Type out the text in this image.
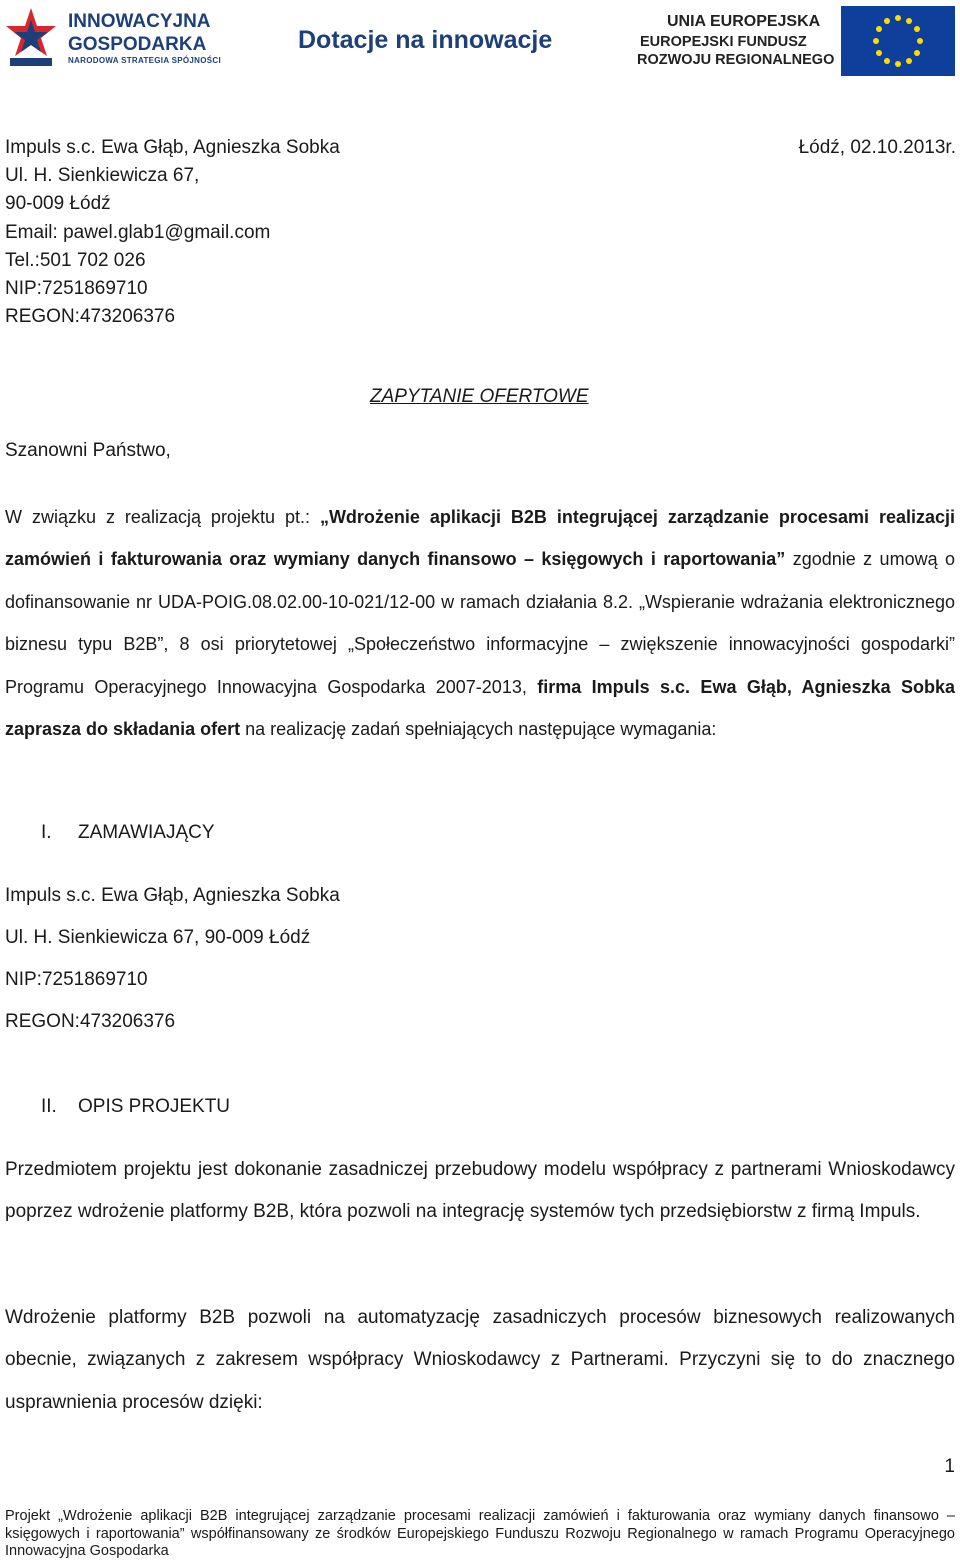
INNOWACYJNA
GOSPODARKA
NARODOWA STRATEGIA SPÓJNOŚCI
Dotacje na innowacje
UNIA EUROPEJSKA
EUROPEJSKI FUNDUSZ
ROZWOJU REGIONALNEGO
Impuls s.c. Ewa Głąb, Agnieszka Sobka
Ul. H. Sienkiewicza 67,
90-009 Łódź
Email: pawel.glab1@gmail.com
Tel.:501 702 026
NIP:7251869710
REGON:473206376
Łódź, 02.10.2013r.
ZAPYTANIE OFERTOWE
Szanowni Państwo,
W związku z realizacją projektu pt.: „Wdrożenie aplikacji B2B integrującej zarządzanie procesami realizacji zamówień i fakturowania oraz wymiany danych finansowo – księgowych i raportowania” zgodnie z umową o dofinansowanie nr UDA-POIG.08.02.00-10-021/12-00 w ramach działania 8.2. „Wspieranie wdrażania elektronicznego biznesu typu B2B”, 8 osi priorytetowej „Społeczeństwo informacyjne – zwiększenie innowacyjności gospodarki” Programu Operacyjnego Innowacyjna Gospodarka 2007-2013, firma Impuls s.c. Ewa Głąb, Agnieszka Sobka zaprasza do składania ofert na realizację zadań spełniających następujące wymagania:
I. ZAMAWIAJĄCY
Impuls s.c. Ewa Głąb, Agnieszka Sobka
Ul. H. Sienkiewicza 67, 90-009 Łódź
NIP:7251869710
REGON:473206376
II. OPIS PROJEKTU
Przedmiotem projektu jest dokonanie zasadniczej przebudowy modelu współpracy z partnerami Wnioskodawcy poprzez wdrożenie platformy B2B, która pozwoli na integrację systemów tych przedsiębiorstw z firmą Impuls.
Wdrożenie platformy B2B pozwoli na automatyzację zasadniczych procesów biznesowych realizowanych obecnie, związanych z zakresem współpracy Wnioskodawcy z Partnerami. Przyczyni się to do znacznego usprawnienia procesów dzięki:
1
Projekt „Wdrożenie aplikacji B2B integrującej zarządzanie procesami realizacji zamówień i fakturowania oraz wymiany danych finansowo – księgowych i raportowania” współfinansowany ze środków Europejskiego Funduszu Rozwoju Regionalnego w ramach Programu Operacyjnego Innowacyjna Gospodarka
